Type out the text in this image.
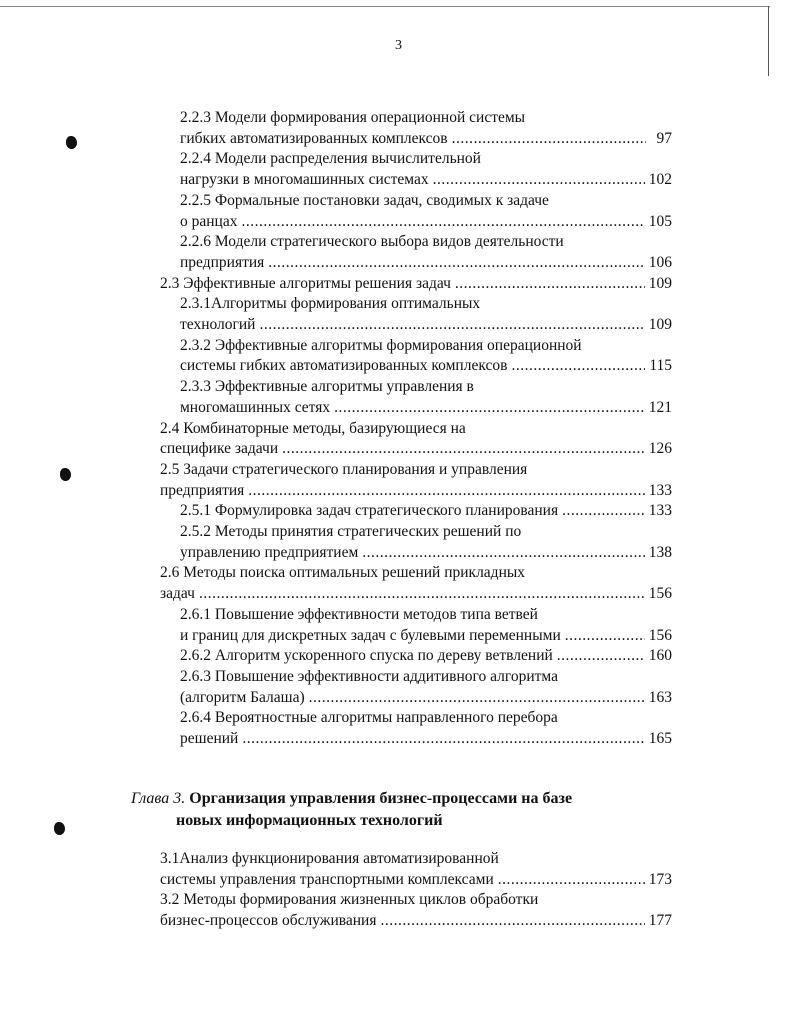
3
2.2.3 Модели формирования операционной системы
гибких автоматизированных комплексов .....	97
2.2.4 Модели распределения вычислительной
нагрузки в многомашинных системах .....	102
2.2.5 Формальные постановки задач, сводимых к задаче
о ранцах .....	105
2.2.6 Модели стратегического выбора видов деятельности
предприятия .....	106
2.3 Эффективные алгоритмы решения задач .....	109
2.3.1Алгоритмы формирования оптимальных
технологий .....	109
2.3.2 Эффективные алгоритмы формирования операционной
системы гибких автоматизированных комплексов .....	115
2.3.3 Эффективные алгоритмы управления в
многомашинных сетях .....	121
2.4 Комбинаторные методы, базирующиеся на
специфике задачи .....	126
2.5 Задачи стратегического планирования и управления
предприятия .....	133
2.5.1 Формулировка задач стратегического планирования .....	133
2.5.2 Методы принятия стратегических решений по
управлению предприятием .....	138
2.6 Методы поиска оптимальных решений прикладных
задач .....	156
2.6.1 Повышение эффективности методов типа ветвей
и границ для дискретных задач с булевыми переменными .....	156
2.6.2 Алгоритм ускоренного спуска по дереву ветвлений .....	160
2.6.3 Повышение эффективности аддитивного алгоритма
(алгоритм Балаша) .....	163
2.6.4 Вероятностные алгоритмы направленного перебора
решений .....	165
Глава 3. Организация управления бизнес-процессами на базе
новых информационных технологий
3.1Анализ функционирования автоматизированной
системы управления транспортными комплексами .....	173
3.2 Методы формирования жизненных циклов обработки
бизнес-процессов обслуживания .....	177
